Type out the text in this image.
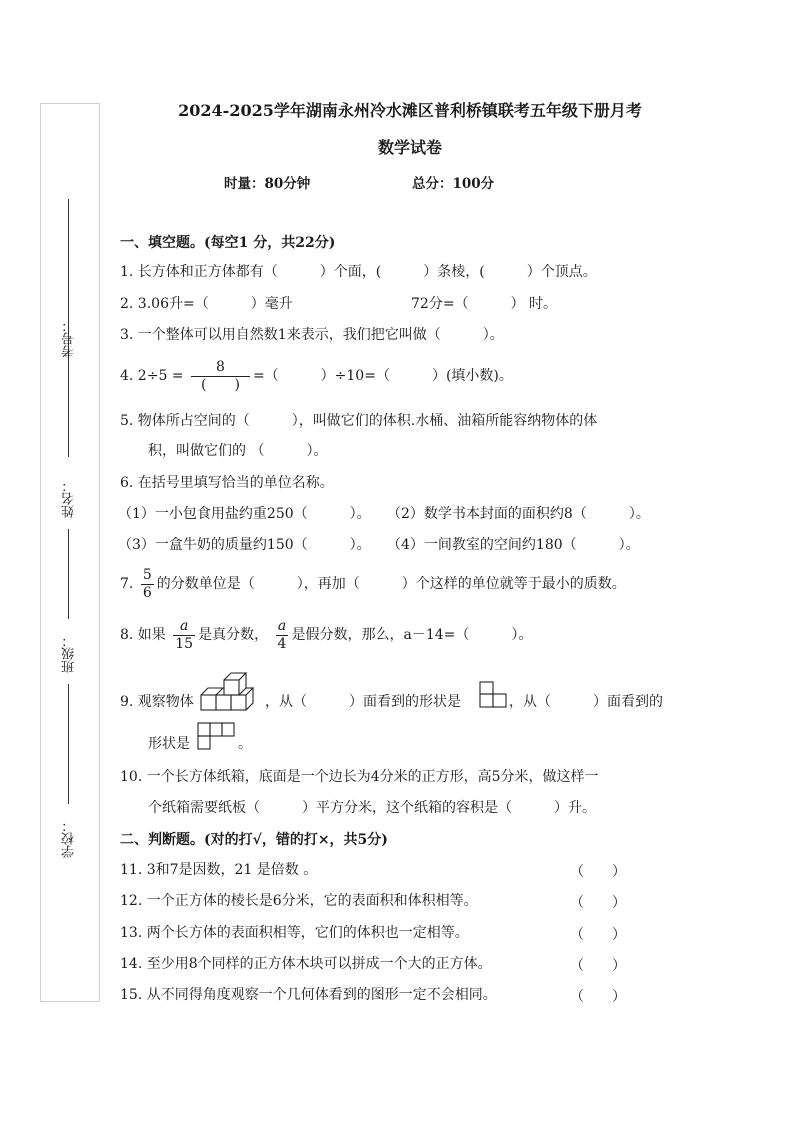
考号：
姓名：
班级：
学校：
2024-2025学年湖南永州冷水滩区普利桥镇联考五年级下册月考
数学试卷
时量：80分钟	总分：100分
一、填空题。(每空1 分，共22分)
1. 长方体和正方体都有（　　　）个面，(　　　）条棱，(　　　）个顶点。
2. 3.06升=（　　　）毫升	72分=（　　　） 时。
3. 一个整体可以用自然数1来表示，我们把它叫做（　　　）。
4. $2\div 5 = \frac{8}{( )}$ =（　　　）÷10=（　　　）(填小数)。
5. 物体所占空间的（　　　），叫做它们的体积.水桶、油箱所能容纳物体的体
积，叫做它们的 （　　　）。
6. 在括号里填写恰当的单位名称。
（1）一小包食用盐约重250（　　　）。 （2）数学书本封面的面积约8（　　　）。
（3）一盒牛奶的质量约150（　　　）。 （4）一间教室的空间约180（　　　）。
7. $\frac{5}{6}$ 的分数单位是（　　　），再加（　　　）个这样的单位就等于最小的质数。
8. 如果 $\frac{a}{15}$ 是真分数， $\frac{a}{4}$ 是假分数，那么，a－14=（　　　）。
9. 观察物体	，从（　　　）面看到的形状是	，从（　　　）面看到的
形状是	。
10. 一个长方体纸箱，底面是一个边长为4分米的正方形，高5分米，做这样一
个纸箱需要纸板（　　　）平方分米，这个纸箱的容积是（　　　）升。
二、判断题。(对的打√，错的打×，共5分)
11. 3和7是因数，21 是倍数 。	（　　）
12. 一个正方体的棱长是6分米，它的表面积和体积相等。	（　　）
13. 两个长方体的表面积相等，它们的体积也一定相等。	（　　）
14. 至少用8个同样的正方体木块可以拼成一个大的正方体。	（　　）
15. 从不同得角度观察一个几何体看到的图形一定不会相同。	（　　）
